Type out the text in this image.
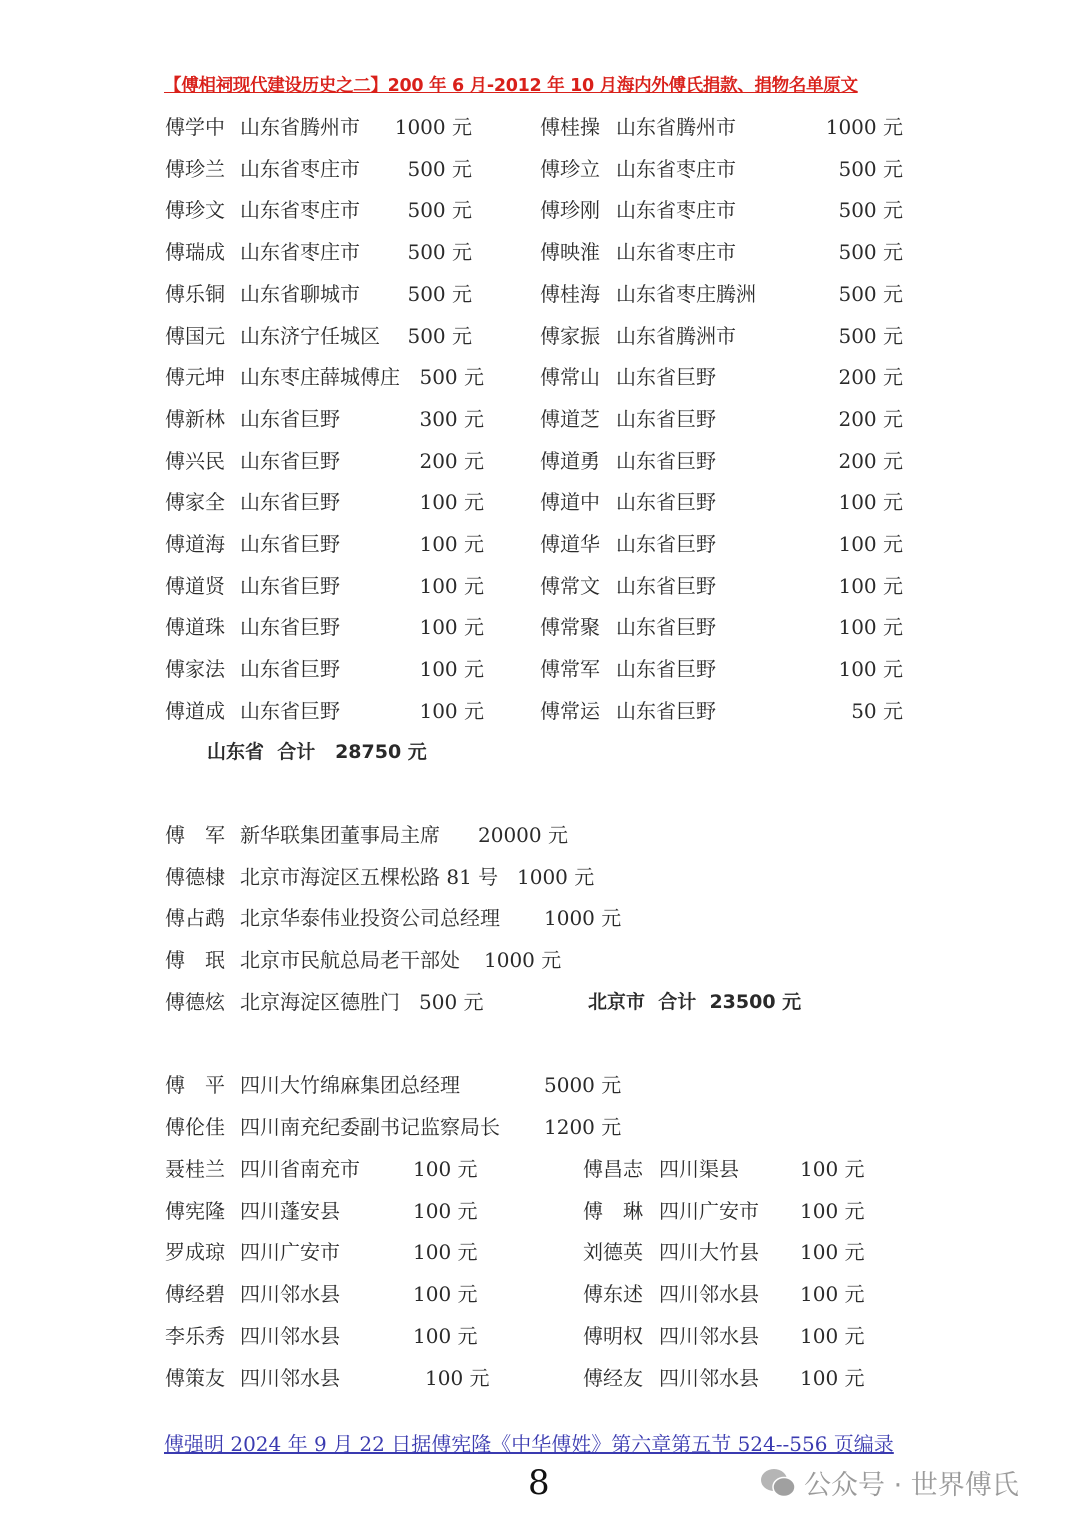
【傅相祠现代建设历史之二】200 年 6 月-2012 年 10 月海内外傅氏捐款、捐物名单原文
傅学中 山东省腾州市	1000 元	傅桂操 山东省腾州市	1000 元
傅珍兰 山东省枣庄市	500 元	傅珍立 山东省枣庄市	500 元
傅珍文 山东省枣庄市	500 元	傅珍刚 山东省枣庄市	500 元
傅瑞成 山东省枣庄市	500 元	傅映淮 山东省枣庄市	500 元
傅乐铜 山东省聊城市	500 元	傅桂海 山东省枣庄腾洲	500 元
傅国元 山东济宁任城区	500 元	傅家振 山东省腾洲市	500 元
傅元坤 山东枣庄薛城傅庄 500 元	傅常山 山东省巨野	200 元
傅新林 山东省巨野	300 元	傅道芝 山东省巨野	200 元
傅兴民 山东省巨野	200 元	傅道勇 山东省巨野	200 元
傅家全 山东省巨野	100 元	傅道中 山东省巨野	100 元
傅道海 山东省巨野	100 元	傅道华 山东省巨野	100 元
傅道贤 山东省巨野	100 元	傅常文 山东省巨野	100 元
傅道珠 山东省巨野	100 元	傅常聚 山东省巨野	100 元
傅家法 山东省巨野	100 元	傅常军 山东省巨野	100 元
傅道成 山东省巨野	100 元	傅常运 山东省巨野	50 元
山东省  合计   28750 元
傅　军 新华联集团董事局主席 20000 元
傅德棣 北京市海淀区五棵松路 81 号 1000 元
傅占鹉 北京华泰伟业投资公司总经理 1000 元
傅　珉 北京市民航总局老干部处 1000 元
傅德炫 北京海淀区德胜门 500 元	北京市  合计  23500 元
傅　平 四川大竹绵麻集团总经理	5000 元
傅伦佳 四川南充纪委副书记监察局长 1200 元
聂桂兰 四川省南充市	100 元	傅昌志 四川渠县	100 元
傅宪隆 四川蓬安县	100 元	傅　琳 四川广安市 100 元
罗成琼 四川广安市	100 元	刘德英 四川大竹县 100 元
傅经碧 四川邻水县	100 元	傅东述 四川邻水县 100 元
李乐秀 四川邻水县	100 元	傅明权 四川邻水县 100 元
傅策友 四川邻水县	100 元	傅经友 四川邻水县 100 元
傅强明 2024 年 9 月 22 日据傅宪隆《中华傅姓》第六章第五节 524--556 页编录
8	公众号 · 世界傅氏
